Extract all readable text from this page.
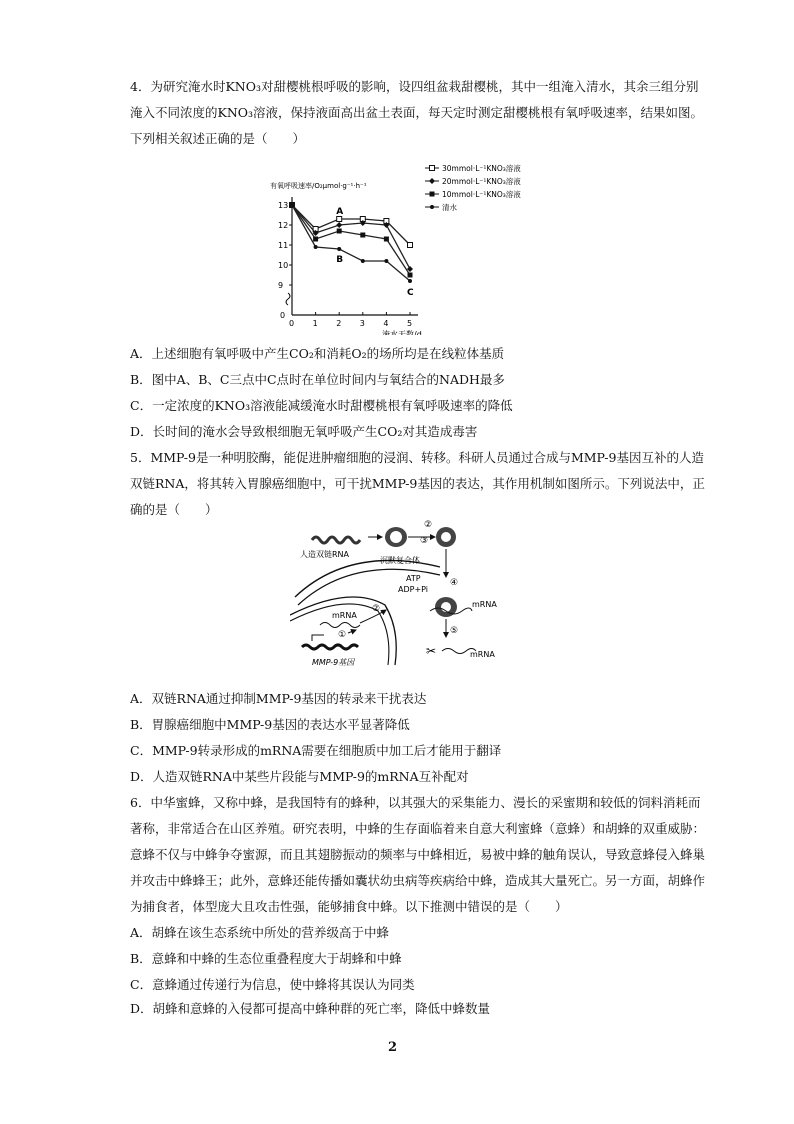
4．为研究淹水时KNO₃对甜樱桃根呼吸的影响，设四组盆栽甜樱桃，其中一组淹入清水，其余三组分别
淹入不同浓度的KNO₃溶液，保持液面高出盆土表面，每天定时测定甜樱桃根有氧呼吸速率，结果如图。
下列相关叙述正确的是（　　）
有氧呼吸速率/O₂μmol·g⁻¹·h⁻¹
13
12
11
10
9
0
0 1 2 3 4 5
淹水天数/d
30mmol·L⁻¹KNO₃溶液
20mmol·L⁻¹KNO₃溶液
10mmol·L⁻¹KNO₃溶液
清水
A
B
C
A．上述细胞有氧呼吸中产生CO₂和消耗O₂的场所均是在线粒体基质
B．图中A、B、C三点中C点时在单位时间内与氧结合的NADH最多
C．一定浓度的KNO₃溶液能减缓淹水时甜樱桃根有氧呼吸速率的降低
D．长时间的淹水会导致根细胞无氧呼吸产生CO₂对其造成毒害
5．MMP-9是一种明胶酶，能促进肿瘤细胞的浸润、转移。科研人员通过合成与MMP-9基因互补的人造
双链RNA，将其转入胃腺癌细胞中，可干扰MMP-9基因的表达，其作用机制如图所示。下列说法中，正
确的是（　　）
人造双链RNA
沉默复合体
③
④
ATP
ADP+Pi
mRNA
⑤
✂	mRNA
mRNA
②
①
MMP-9基因
②
A．双链RNA通过抑制MMP-9基因的转录来干扰表达
B．胃腺癌细胞中MMP-9基因的表达水平显著降低
C．MMP-9转录形成的mRNA需要在细胞质中加工后才能用于翻译
D．人造双链RNA中某些片段能与MMP-9的mRNA互补配对
6．中华蜜蜂，又称中蜂，是我国特有的蜂种，以其强大的采集能力、漫长的采蜜期和较低的饲料消耗而
著称，非常适合在山区养殖。研究表明，中蜂的生存面临着来自意大利蜜蜂（意蜂）和胡蜂的双重威胁：
意蜂不仅与中蜂争夺蜜源，而且其翅膀振动的频率与中蜂相近，易被中蜂的触角误认，导致意蜂侵入蜂巢
并攻击中蜂蜂王；此外，意蜂还能传播如囊状幼虫病等疾病给中蜂，造成其大量死亡。另一方面，胡蜂作
为捕食者，体型庞大且攻击性强，能够捕食中蜂。以下推测中错误的是（　　）
A．胡蜂在该生态系统中所处的营养级高于中蜂
B．意蜂和中蜂的生态位重叠程度大于胡蜂和中蜂
C．意蜂通过传递行为信息，使中蜂将其误认为同类
D．胡蜂和意蜂的入侵都可提高中蜂种群的死亡率，降低中蜂数量
2
